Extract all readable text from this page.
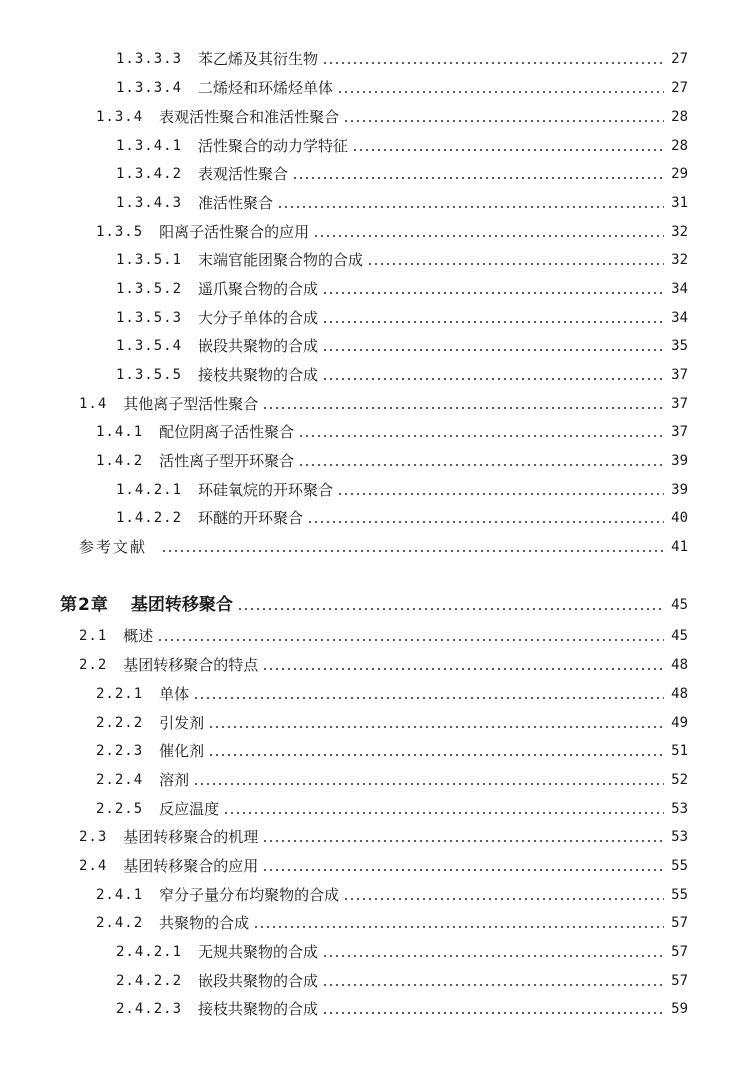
1.3.3.3 苯乙烯及其衍生物	27
1.3.3.4 二烯烃和环烯烃单体	27
1.3.4 表观活性聚合和准活性聚合	28
1.3.4.1 活性聚合的动力学特征	28
1.3.4.2 表观活性聚合	29
1.3.4.3 准活性聚合	31
1.3.5 阳离子活性聚合的应用	32
1.3.5.1 末端官能团聚合物的合成	32
1.3.5.2 遥爪聚合物的合成	34
1.3.5.3 大分子单体的合成	34
1.3.5.4 嵌段共聚物的合成	35
1.3.5.5 接枝共聚物的合成	37
1.4 其他离子型活性聚合	37
1.4.1 配位阴离子活性聚合	37
1.4.2 活性离子型开环聚合	39
1.4.2.1 环硅氧烷的开环聚合	39
1.4.2.2 环醚的开环聚合	40
参考文献	41
第2章 基团转移聚合	45
2.1 概述	45
2.2 基团转移聚合的特点	48
2.2.1 单体	48
2.2.2 引发剂	49
2.2.3 催化剂	51
2.2.4 溶剂	52
2.2.5 反应温度	53
2.3 基团转移聚合的机理	53
2.4 基团转移聚合的应用	55
2.4.1 窄分子量分布均聚物的合成	55
2.4.2 共聚物的合成	57
2.4.2.1 无规共聚物的合成	57
2.4.2.2 嵌段共聚物的合成	57
2.4.2.3 接枝共聚物的合成	59
